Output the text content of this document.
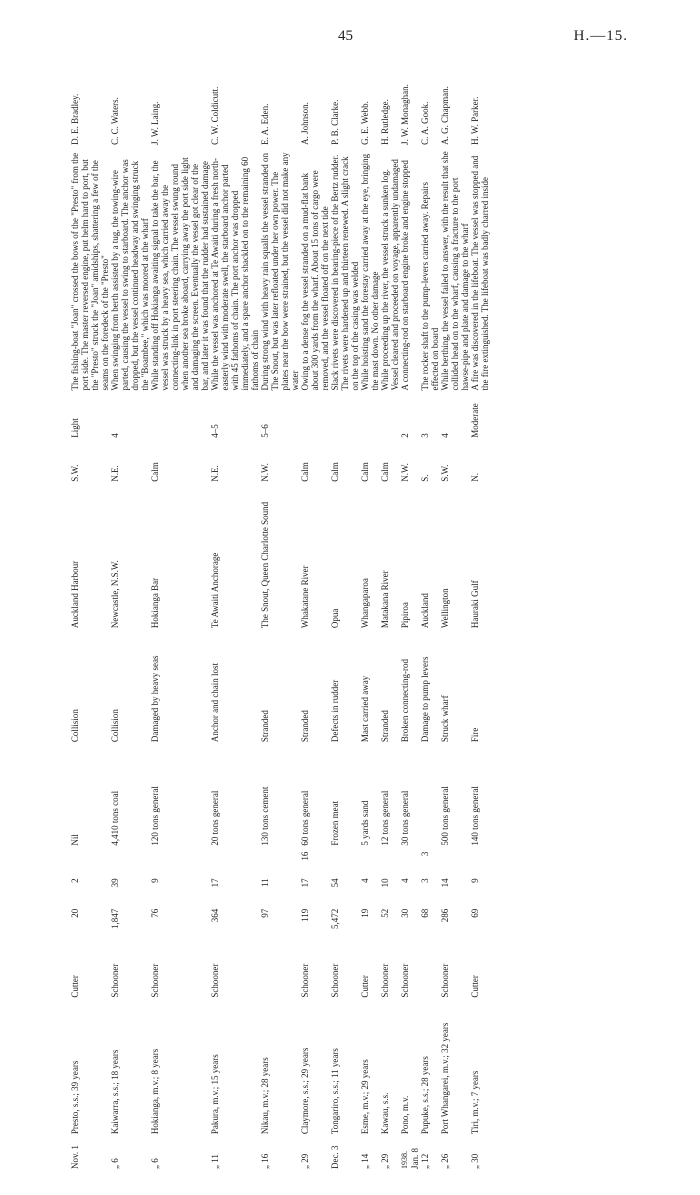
45	H.—15.
Nov. 1	Presto, s.s.; 39 years	Cutter	20	2		Nil	Collision	Auckland Harbour	S.W.	Light	The fishing-boat "Joan" crossed the bows of the "Presto" from the port side. The master reversed engine, put helm hard to port, but the "Presto" struck the "Joan" amidships, shattering a few of the seams on the foredeck of the "Presto"	D. E. Bradley.
„ 6	Kaiwarra, s.s.; 18 years	Schooner	1,847	39		4,410 tons coal	Collision	Newcastle, N.S.W.	N.E.	4	When swinging from berth assisted by a tug, the towing-wire parted, causing the vessel to swing to starboard. The anchor was dropped, but the vessel continued headway and swinging struck the "Boambee," which was moored at the wharf	C. C. Waters.
„ 6	Hokianga, m.v.; 8 years	Schooner	76	9		120 tons general	Damaged by heavy seas	Hokianga Bar	Calm		While standing off Hokianga awaiting signal to take the bar, the vessel was struck by a heavy sea, which carried away the connecting-link in port steering chain. The vessel swung round when another sea broke aboard, carrying away the port side light and damaging the screen. Eventually the vessel got clear of the bar, and later it was found that the rudder had sustained damage	J. W. Laing.
„ 11	Pakura, m.v.; 15 years	Schooner	364	17		20 tons general	Anchor and chain lost	Te Awaiti Anchorage	N.E.	4–5	While the vessel was anchored at Te Awaiti during a fresh north-easterly wind with moderate swell, the starboard anchor parted with 45 fathoms of chain. The port anchor was dropped immediately, and a spare anchor shackled on to the remaining 60 fathoms of chain	C. W. Coldicutt.
„ 16	Nikau, m.v.; 28 years		97	11		130 tons cement	Stranded	The Snout, Queen Charlotte Sound	N.W.	5–6	During strong wind with heavy rain squalls the vessel stranded on The Snout, but was later refloated under her own power. The plates near the bow were strained, but the vessel did not make any water	E. A. Eden.
„ 29	Claymore, s.s.; 29 years	Schooner	119	17	16	60 tons general	Stranded	Whakatane River	Calm		Owing to a dense fog the vessel stranded on a mud-flat bank about 300 yards from the wharf. About 15 tons of cargo were removed, and the vessel floated off on the next tide	A. Johnson.
Dec. 3	Tongariro, s.s.; 11 years	Schooner	5,472	54		Frozen meat	Defects in rudder	Opua	Calm		Slack rivets were discovered in bearing-piece of the Bertz rudder. The rivets were hardened up and thirteen renewed. A slight crack on the top of the casing was welded	P. B. Clarke.
„ 14	Esme, m.v.; 29 years	Cutter	19	4		5 yards sand	Mast carried away	Whangaparoa	Calm		While hoisting sand the forestay carried away at the eye, bringing the mast down. No other damage	G. E. Webb.
„ 29	Kawau, s.s.	Schooner	52	10		12 tons general	Stranded	Matakana River	Calm		While proceeding up the river, the vessel struck a sunken log. Vessel cleared and proceeded on voyage, apparently undamaged	H. Rutledge.

1938. Jan. 8	Pono, m.v.	Schooner	30	4		30 tons general	Broken connecting-rod	Pipiroa	N.W.	2	A connecting-rod on starboard engine broke and engine stopped	J. W. Monaghan.
„ 12	Pupuke, s.s.; 28 years		68	3	3		Damage to pump levers	Auckland	S.	3	The rocker shaft to the pump-levers carried away. Repairs effected on board	C. A. Gook.
„ 26	Port Whangarei, m.v.; 32 years	Schooner	286	14		500 tons general	Struck wharf	Wellington	S.W.	4	While berthing, the vessel failed to answer, with the result that she collided head on to the wharf, causing a fracture to the port hawse-pipe and plate and damage to the wharf	A. G. Chapman.
„ 30	Tiri, m.v.; 7 years	Cutter	69	9		140 tons general	Fire	Hauraki Gulf	N.	Moderate	A fire was discovered in the lifeboat. The vessel was stopped and the fire extinguished. The lifeboat was badly charred inside	H. W. Parker.
